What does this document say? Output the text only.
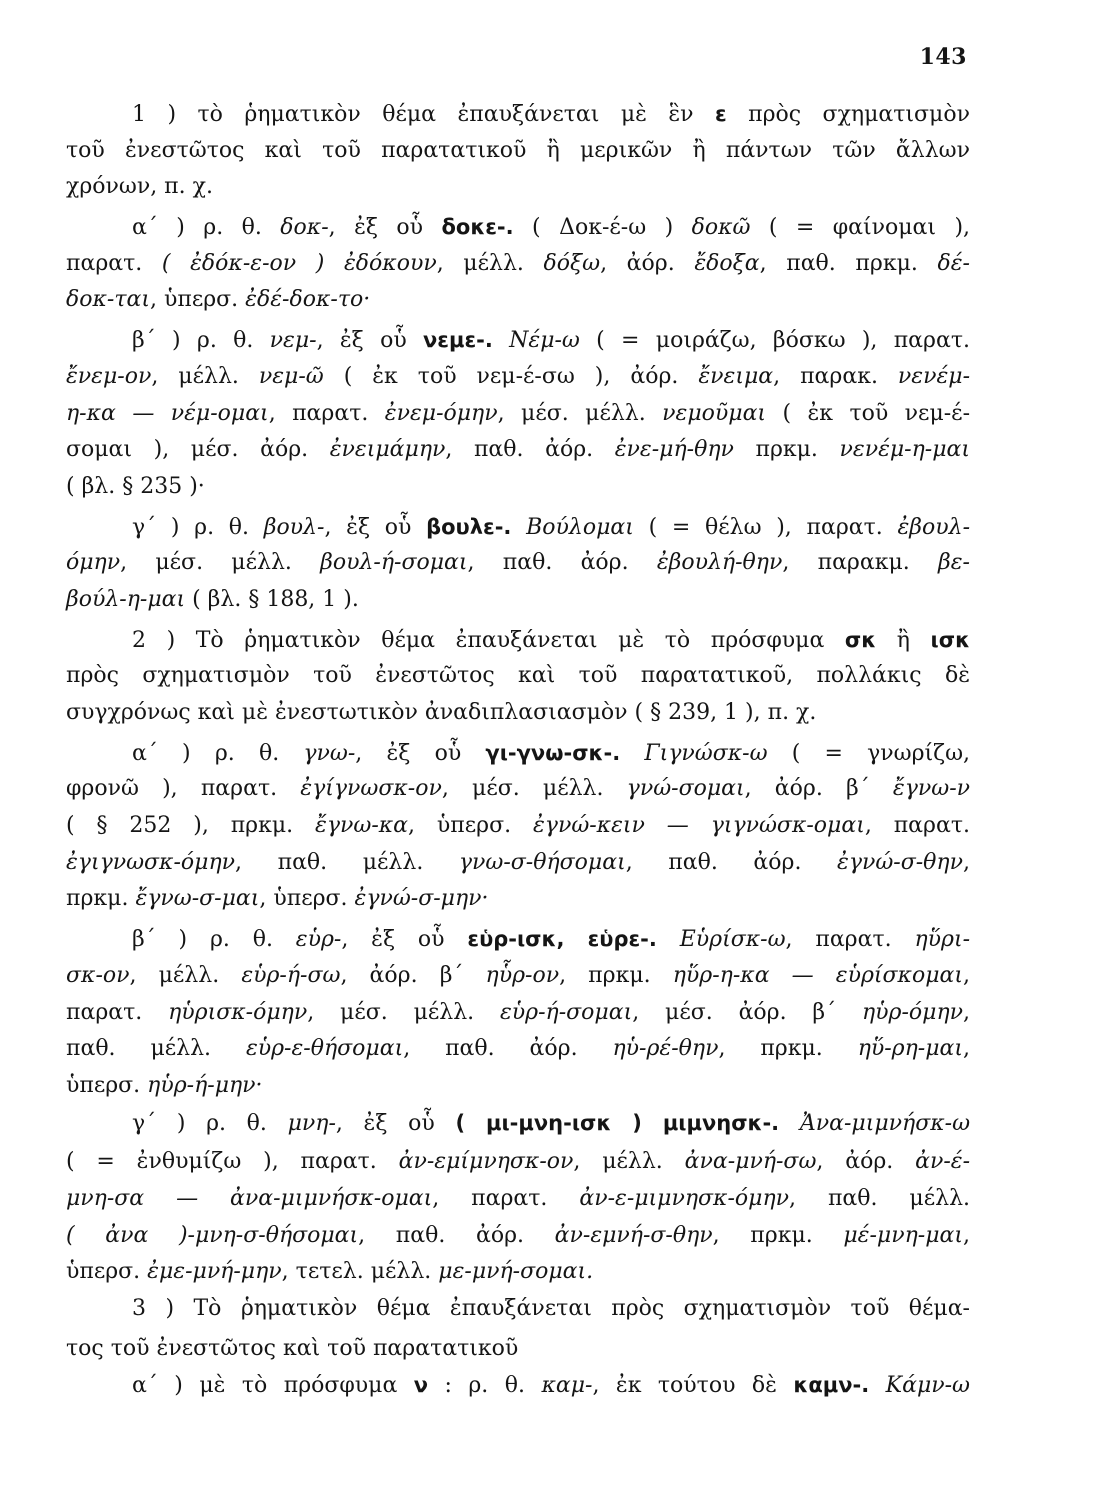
143
1 ) τὸ ῥηματικὸν θέμα ἐπαυξάνεται μὲ ἓν ε πρὸς σχηματισμὸν
τοῦ ἐνεστῶτος καὶ τοῦ παρατατικοῦ ἢ μερικῶν ἢ πάντων τῶν ἄλλων
χρόνων, π. χ.
α΄ ) ρ. θ. δοκ-, ἐξ οὗ δοκε-. ( Δοκ-έ-ω ) δοκῶ ( = φαίνομαι ),
παρατ. ( ἐδόκ-ε-ον ) ἐδόκουν, μέλλ. δόξω, ἀόρ. ἔδοξα, παθ. πρκμ. δέ-
δοκ-ται, ὑπερσ. ἐδέ-δοκ-το·
β΄ ) ρ. θ. νεμ-, ἐξ οὗ νεμε-. Νέμ-ω ( = μοιράζω, βόσκω ), παρατ.
ἔνεμ-ον, μέλλ. νεμ-ῶ ( ἐκ τοῦ νεμ-έ-σω ), ἀόρ. ἔνειμα, παρακ. νενέμ-
η-κα — νέμ-ομαι, παρατ. ἐνεμ-όμην, μέσ. μέλλ. νεμοῦμαι ( ἐκ τοῦ νεμ-έ-
σομαι ), μέσ. ἀόρ. ἐνειμάμην, παθ. ἀόρ. ἐνε-μή-θην πρκμ. νενέμ-η-μαι
( βλ. § 235 )·
γ΄ ) ρ. θ. βουλ-, ἐξ οὗ βουλε-. Βούλομαι ( = θέλω ), παρατ. ἐβουλ-
όμην, μέσ. μέλλ. βουλ-ή-σομαι, παθ. ἀόρ. ἐβουλή-θην, παρακμ. βε-
βούλ-η-μαι ( βλ. § 188, 1 ).
2 ) Τὸ ῥηματικὸν θέμα ἐπαυξάνεται μὲ τὸ πρόσφυμα σκ ἢ ισκ
πρὸς σχηματισμὸν τοῦ ἐνεστῶτος καὶ τοῦ παρατατικοῦ, πολλάκις δὲ
συγχρόνως καὶ μὲ ἐνεστωτικὸν ἀναδιπλασιασμὸν ( § 239, 1 ), π. χ.
α΄ ) ρ. θ. γνω-, ἐξ οὗ γι-γνω-σκ-. Γιγνώσκ-ω ( = γνωρίζω,
φρονῶ ), παρατ. ἐγίγνωσκ-ον, μέσ. μέλλ. γνώ-σομαι, ἀόρ. β΄ ἔγνω-ν
( § 252 ), πρκμ. ἔγνω-κα, ὑπερσ. ἐγνώ-κειν — γιγνώσκ-ομαι, παρατ.
ἐγιγνωσκ-όμην, παθ. μέλλ. γνω-σ-θήσομαι, παθ. ἀόρ. ἐγνώ-σ-θην,
πρκμ. ἔγνω-σ-μαι, ὑπερσ. ἐγνώ-σ-μην·
β΄ ) ρ. θ. εὑρ-, ἐξ οὗ εὑρ-ισκ, εὑρε-. Εὑρίσκ-ω, παρατ. ηὕρι-
σκ-ον, μέλλ. εὑρ-ή-σω, ἀόρ. β΄ ηὗρ-ον, πρκμ. ηὕρ-η-κα — εὑρίσκομαι,
παρατ. ηὑρισκ-όμην, μέσ. μέλλ. εὑρ-ή-σομαι, μέσ. ἀόρ. β΄ ηὑρ-όμην,
παθ. μέλλ. εὑρ-ε-θήσομαι, παθ. ἀόρ. ηὑ-ρέ-θην, πρκμ. ηὕ-ρη-μαι,
ὑπερσ. ηὑρ-ή-μην·
γ΄ ) ρ. θ. μνη-, ἐξ οὗ ( μι-μνη-ισκ ) μιμνησκ-. Ἀνα-μιμνήσκ-ω
( = ἐνθυμίζω ), παρατ. ἀν-εμίμνησκ-ον, μέλλ. ἀνα-μνή-σω, ἀόρ. ἀν-έ-
μνη-σα — ἀνα-μιμνήσκ-ομαι, παρατ. ἀν-ε-μιμνησκ-όμην, παθ. μέλλ.
( ἀνα )-μνη-σ-θήσομαι, παθ. ἀόρ. ἀν-εμνή-σ-θην, πρκμ. μέ-μνη-μαι,
ὑπερσ. ἐμε-μνή-μην, τετελ. μέλλ. με-μνή-σομαι.
3 ) Τὸ ῥηματικὸν θέμα ἐπαυξάνεται πρὸς σχηματισμὸν τοῦ θέμα-
τος τοῦ ἐνεστῶτος καὶ τοῦ παρατατικοῦ
α΄ ) μὲ τὸ πρόσφυμα ν : ρ. θ. καμ-, ἐκ τούτου δὲ καμν-. Κάμν-ω
